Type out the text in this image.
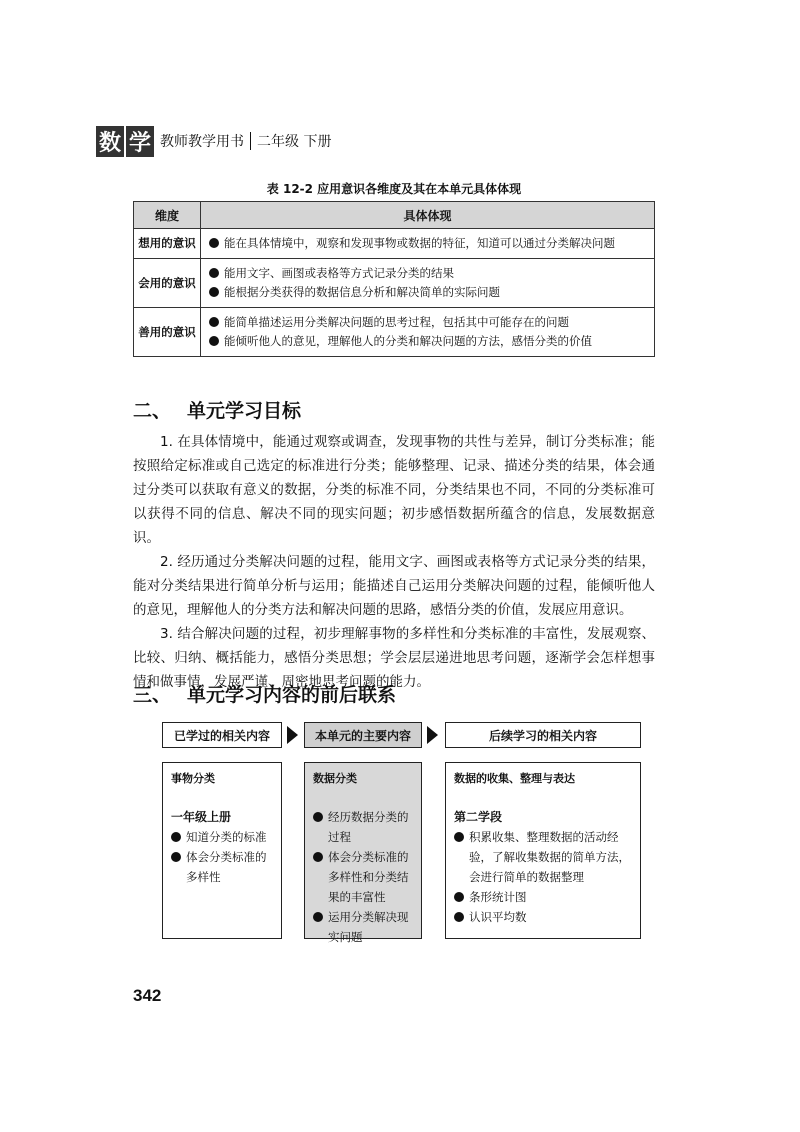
数 学 教师教学用书 二年级 下册
表 12-2 应用意识各维度及其在本单元具体体现
维度	具体体现
想用的意识	能在具体情境中，观察和发现事物或数据的特征，知道可以通过分类解决问题

会用的意识	能用文字、画图或表格等方式记录分类的结果
能根据分类获得的数据信息分析和解决简单的实际问题

善用的意识	能简单描述运用分类解决问题的思考过程，包括其中可能存在的问题
能倾听他人的意见，理解他人的分类和解决问题的方法，感悟分类的价值
二、 单元学习目标

1. 在具体情境中，能通过观察或调查，发现事物的共性与差异，制订分类标准；能按照给定标准或自己选定的标准进行分类；能够整理、记录、描述分类的结果，体会通过分类可以获取有意义的数据，分类的标准不同，分类结果也不同，不同的分类标准可以获得不同的信息、解决不同的现实问题；初步感悟数据所蕴含的信息，发展数据意识。

2. 经历通过分类解决问题的过程，能用文字、画图或表格等方式记录分类的结果，能对分类结果进行简单分析与运用；能描述自己运用分类解决问题的过程，能倾听他人的意见，理解他人的分类方法和解决问题的思路，感悟分类的价值，发展应用意识。

3. 结合解决问题的过程，初步理解事物的多样性和分类标准的丰富性，发展观察、比较、归纳、概括能力，感悟分类思想；学会层层递进地思考问题，逐渐学会怎样想事情和做事情，发展严谨、周密地思考问题的能力。

三、 单元学习内容的前后联系
已学过的相关内容	本单元的主要内容	后续学习的相关内容
事物分类
一年级上册
知道分类的标准
体会分类标准的多样性
数据分类
经历数据分类的过程
体会分类标准的多样性和分类结果的丰富性
运用分类解决现实问题
数据的收集、整理与表达
第二学段
积累收集、整理数据的活动经验，了解收集数据的简单方法，会进行简单的数据整理
条形统计图
认识平均数
342
